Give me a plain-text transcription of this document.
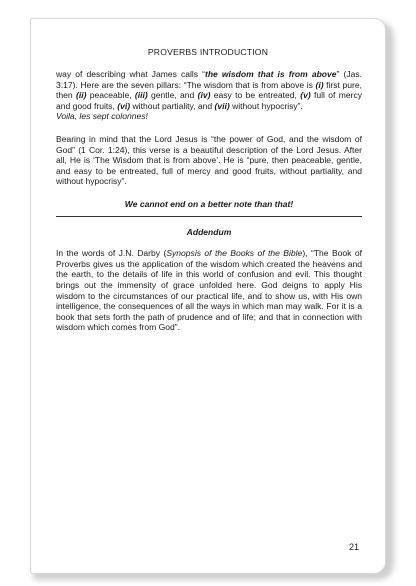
PROVERBS INTRODUCTION

way of describing what James calls “the wisdom that is from above” (Jas. 3:17). Here are the seven pillars: “The wisdom that is from above is (i) first pure, then (ii) peaceable, (iii) gentle, and (iv) easy to be entreated, (v) full of mercy and good fruits, (vi) without partiality, and (vii) without hypocrisy”.
Voila, les sept colonnes!

Bearing in mind that the Lord Jesus is “the power of God, and the wisdom of God” (1 Cor. 1:24), this verse is a beautiful description of the Lord Jesus. After all, He is ‘The Wisdom that is from above’. He is “pure, then peaceable, gentle, and easy to be entreated, full of mercy and good fruits, without partiality, and without hypocrisy”.

We cannot end on a better note than that!

Addendum

In the words of J.N. Darby (Synopsis of the Books of the Bible), “The Book of Proverbs gives us the application of the wisdom which created the heavens and the earth, to the details of life in this world of confusion and evil. This thought brings out the immensity of grace unfolded here. God deigns to apply His wisdom to the circumstances of our practical life, and to show us, with His own intelligence, the consequences of all the ways in which man may walk. For it is a book that sets forth the path of prudence and of life; and that in connection with wisdom which comes from God”.

21
